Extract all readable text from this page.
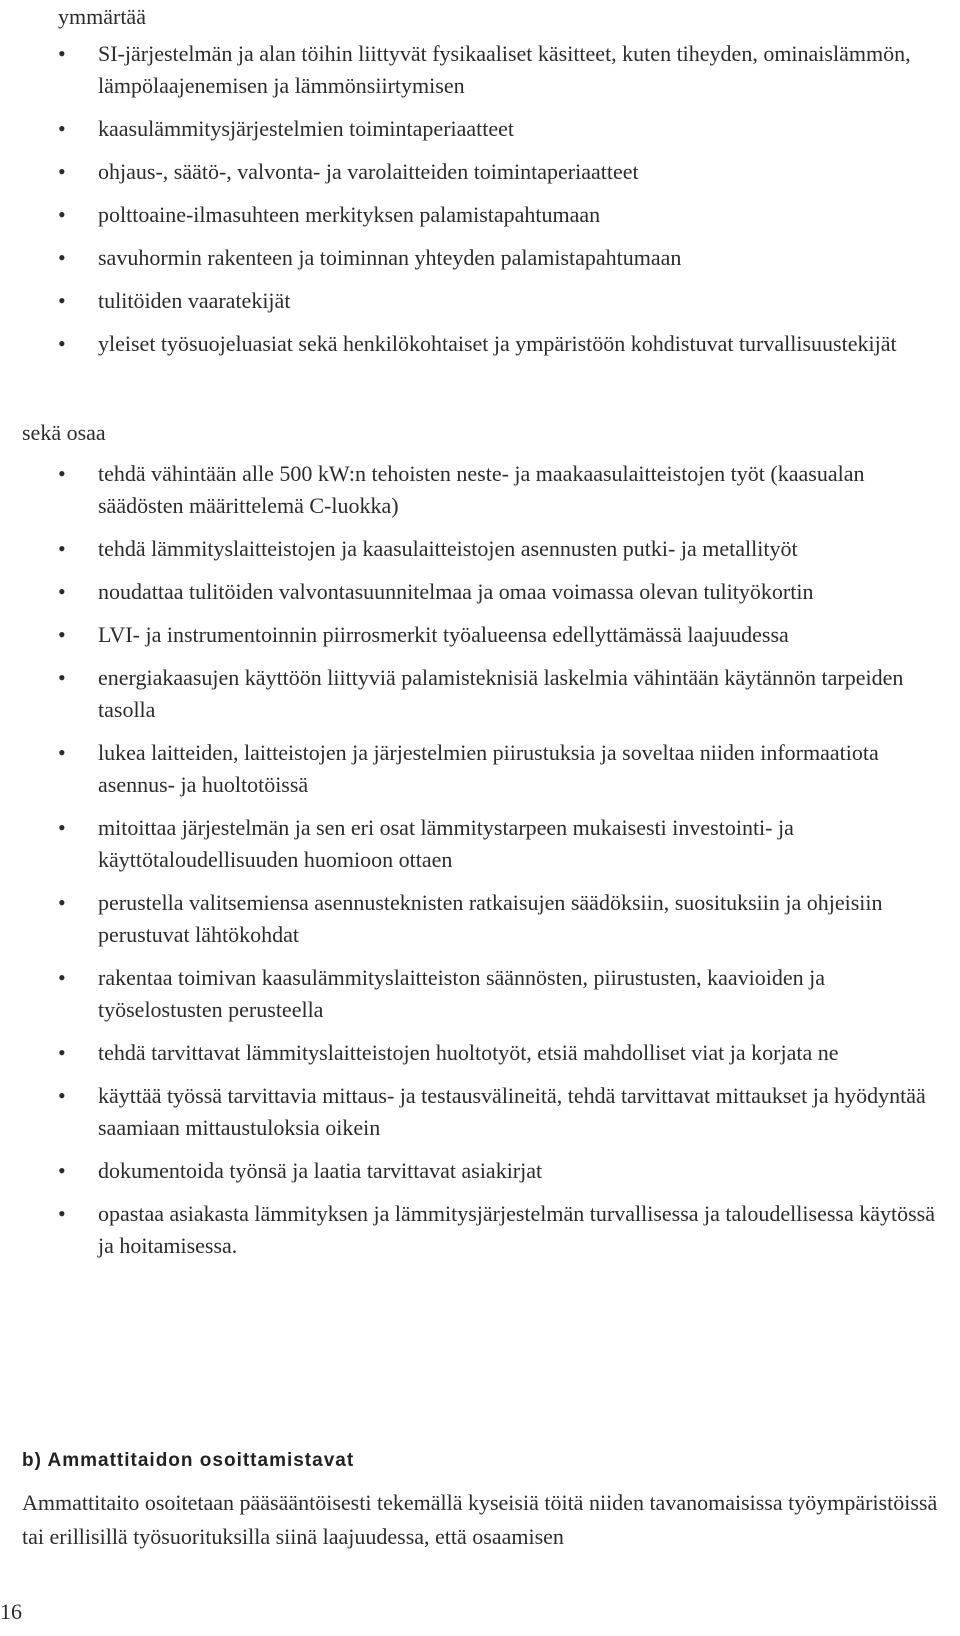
ymmärtää
•	SI-järjestelmän ja alan töihin liittyvät fysikaaliset käsitteet, kuten tiheyden, ominaislämmön, lämpölaajenemisen ja lämmönsiirtymisen
•	kaasulämmitysjärjestelmien toimintaperiaatteet
•	ohjaus-, säätö-, valvonta- ja varolaitteiden toimintaperiaatteet
•	polttoaine-ilmasuhteen merkityksen palamistapahtumaan
•	savuhormin rakenteen ja toiminnan yhteyden palamistapahtumaan
•	tulitöiden vaaratekijät
•	yleiset työsuojeluasiat sekä henkilökohtaiset ja ympäristöön kohdistuvat turvallisuustekijät
sekä osaa
•	tehdä vähintään alle 500 kW:n tehoisten neste- ja maakaasulaitteistojen työt (kaasualan säädösten määrittelemä C-luokka)
•	tehdä lämmityslaitteistojen ja kaasulaitteistojen asennusten putki- ja metallityöt
•	noudattaa tulitöiden valvontasuunnitelmaa ja omaa voimassa olevan tulityökortin
•	LVI- ja instrumentoinnin piirrosmerkit työalueensa edellyttämässä laajuudessa
•	energiakaasujen käyttöön liittyviä palamisteknisiä laskelmia vähintään käytännön tarpeiden tasolla
•	lukea laitteiden, laitteistojen ja järjestelmien piirustuksia ja soveltaa niiden informaatiota asennus- ja huoltotöissä
•	mitoittaa järjestelmän ja sen eri osat lämmitystarpeen mukaisesti investointi- ja käyttötaloudellisuuden huomioon ottaen
•	perustella valitsemiensa asennusteknisten ratkaisujen säädöksiin, suosituksiin ja ohjeisiin perustuvat lähtökohdat
•	rakentaa toimivan kaasulämmityslaitteiston säännösten, piirustusten, kaavioiden ja työselostusten perusteella
•	tehdä tarvittavat lämmityslaitteistojen huoltotyöt, etsiä mahdolliset viat ja korjata ne
•	käyttää työssä tarvittavia mittaus- ja testausvälineitä, tehdä tarvittavat mittaukset ja hyödyntää saamiaan mittaustuloksia oikein
•	dokumentoida työnsä ja laatia tarvittavat asiakirjat
•	opastaa asiakasta lämmityksen ja lämmitysjärjestelmän turvallisessa ja taloudellisessa käytössä ja hoitamisessa.
b) Ammattitaidon osoittamistavat
Ammattitaito osoitetaan pääsääntöisesti tekemällä kyseisiä töitä niiden tavanomaisissa työympäristöissä tai erillisillä työsuorituksilla siinä laajuudessa, että osaamisen
16
